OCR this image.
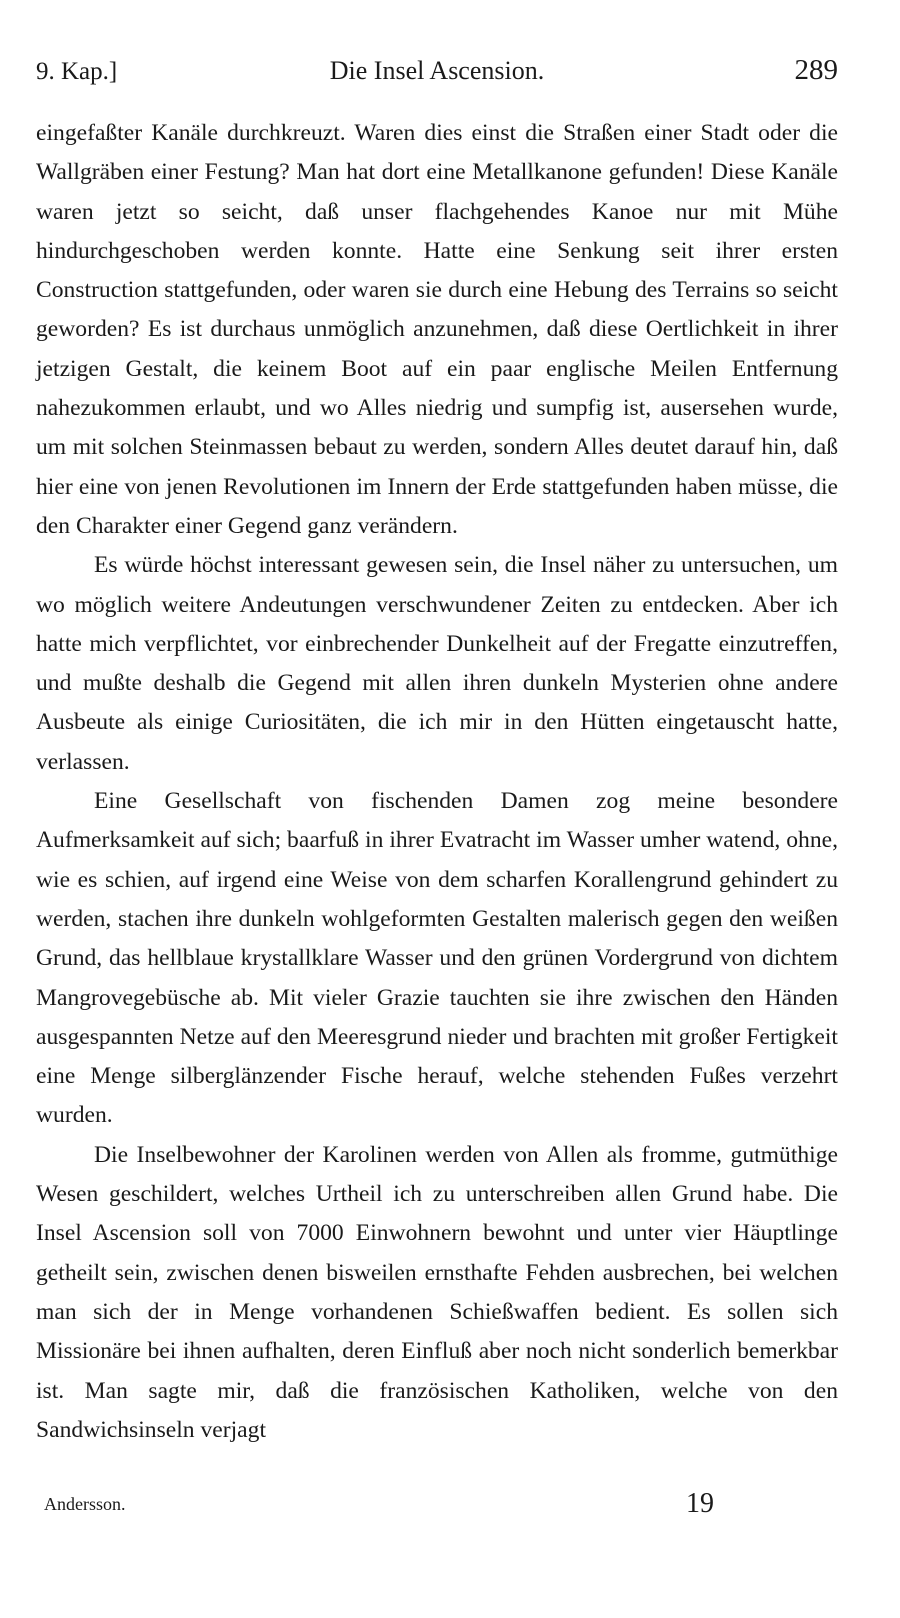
9. Kap.]	Die Insel Ascension.	289

eingefaßter Kanäle durchkreuzt. Waren dies einst die Straßen einer Stadt oder die Wallgräben einer Festung? Man hat dort eine Metallkanone gefunden! Diese Kanäle waren jetzt so seicht, daß unser flachgehendes Kanoe nur mit Mühe hindurchgeschoben werden konnte. Hatte eine Senkung seit ihrer ersten Construction stattgefunden, oder waren sie durch eine Hebung des Terrains so seicht geworden? Es ist durchaus unmöglich anzunehmen, daß diese Oertlichkeit in ihrer jetzigen Gestalt, die keinem Boot auf ein paar englische Meilen Entfernung nahezukommen erlaubt, und wo Alles niedrig und sumpfig ist, ausersehen wurde, um mit solchen Steinmassen bebaut zu werden, sondern Alles deutet darauf hin, daß hier eine von jenen Revolutionen im Innern der Erde stattgefunden haben müsse, die den Charakter einer Gegend ganz verändern.

Es würde höchst interessant gewesen sein, die Insel näher zu untersuchen, um wo möglich weitere Andeutungen verschwundener Zeiten zu entdecken. Aber ich hatte mich verpflichtet, vor einbrechender Dunkelheit auf der Fregatte einzutreffen, und mußte deshalb die Gegend mit allen ihren dunkeln Mysterien ohne andere Ausbeute als einige Curiositäten, die ich mir in den Hütten eingetauscht hatte, verlassen.

Eine Gesellschaft von fischenden Damen zog meine besondere Aufmerksamkeit auf sich; baarfuß in ihrer Evatracht im Wasser umher watend, ohne, wie es schien, auf irgend eine Weise von dem scharfen Korallengrund gehindert zu werden, stachen ihre dunkeln wohlgeformten Gestalten malerisch gegen den weißen Grund, das hellblaue krystallklare Wasser und den grünen Vordergrund von dichtem Mangrovegebüsche ab. Mit vieler Grazie tauchten sie ihre zwischen den Händen ausgespannten Netze auf den Meeresgrund nieder und brachten mit großer Fertigkeit eine Menge silberglänzender Fische herauf, welche stehenden Fußes verzehrt wurden.

Die Inselbewohner der Karolinen werden von Allen als fromme, gutmüthige Wesen geschildert, welches Urtheil ich zu unterschreiben allen Grund habe. Die Insel Ascension soll von 7000 Einwohnern bewohnt und unter vier Häuptlinge getheilt sein, zwischen denen bisweilen ernsthafte Fehden ausbrechen, bei welchen man sich der in Menge vorhandenen Schießwaffen bedient. Es sollen sich Missionäre bei ihnen aufhalten, deren Einfluß aber noch nicht sonderlich bemerkbar ist. Man sagte mir, daß die französischen Katholiken, welche von den Sandwichsinseln verjagt

Andersson.	19
